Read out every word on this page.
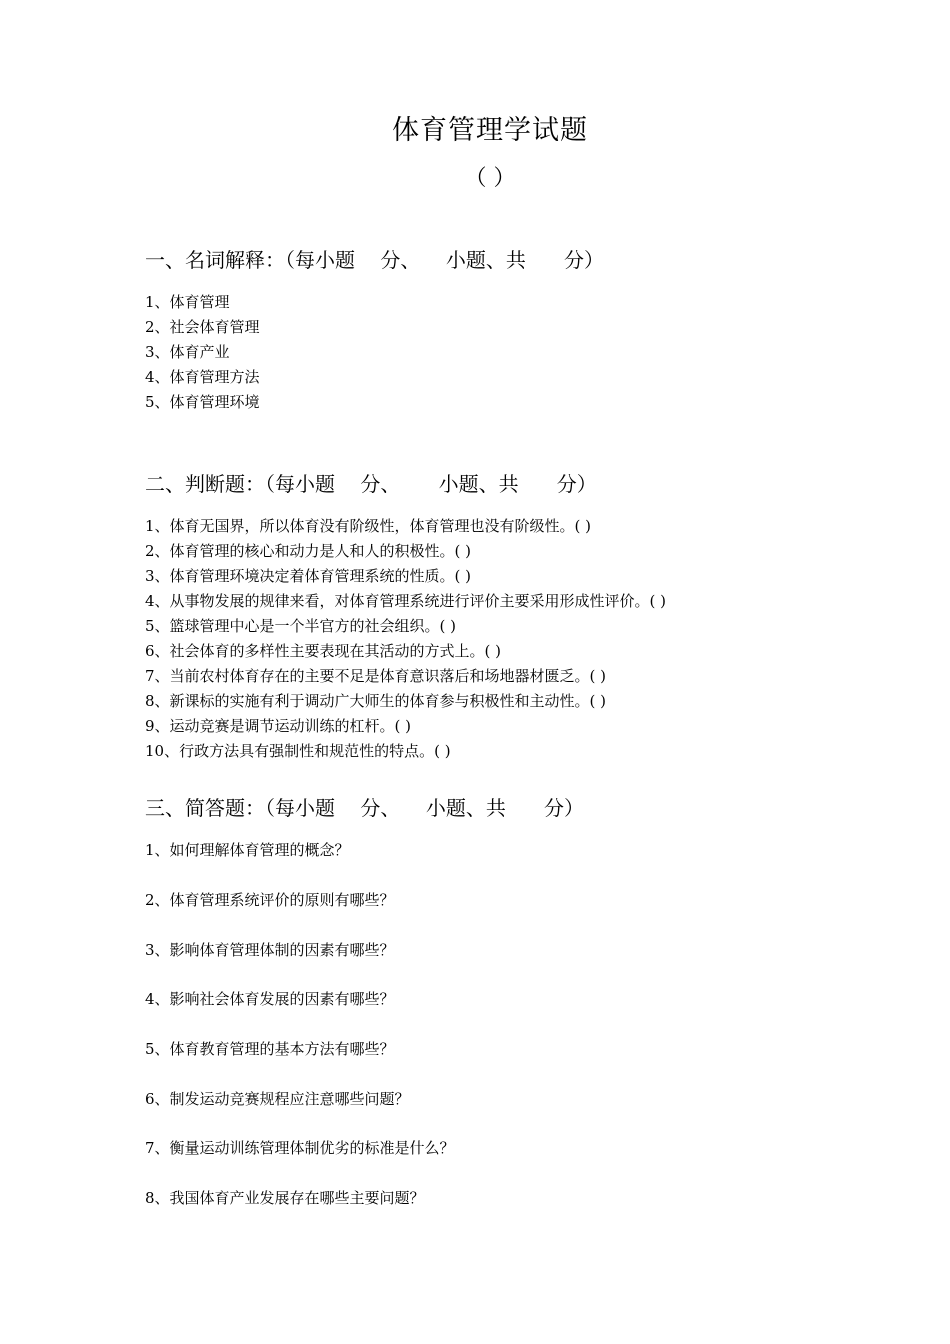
体育管理学试题
（ ）
一、名词解释：（每小题    分、    小题、共      分）
1、体育管理
2、社会体育管理
3、体育产业
4、体育管理方法
5、体育管理环境
二、判断题：（每小题    分、      小题、共      分）
1、体育无国界，所以体育没有阶级性，体育管理也没有阶级性。( )
2、体育管理的核心和动力是人和人的积极性。( )
3、体育管理环境决定着体育管理系统的性质。( )
4、从事物发展的规律来看，对体育管理系统进行评价主要采用形成性评价。( )
5、篮球管理中心是一个半官方的社会组织。( )
6、社会体育的多样性主要表现在其活动的方式上。( )
7、当前农村体育存在的主要不足是体育意识落后和场地器材匮乏。( )
8、新课标的实施有利于调动广大师生的体育参与积极性和主动性。( )
9、运动竞赛是调节运动训练的杠杆。( )
10、行政方法具有强制性和规范性的特点。( )
三、简答题：（每小题    分、    小题、共      分）
1、如何理解体育管理的概念？
2、体育管理系统评价的原则有哪些？
3、影响体育管理体制的因素有哪些？
4、影响社会体育发展的因素有哪些？
5、体育教育管理的基本方法有哪些？
6、制发运动竞赛规程应注意哪些问题？
7、衡量运动训练管理体制优劣的标准是什么？
8、我国体育产业发展存在哪些主要问题？
